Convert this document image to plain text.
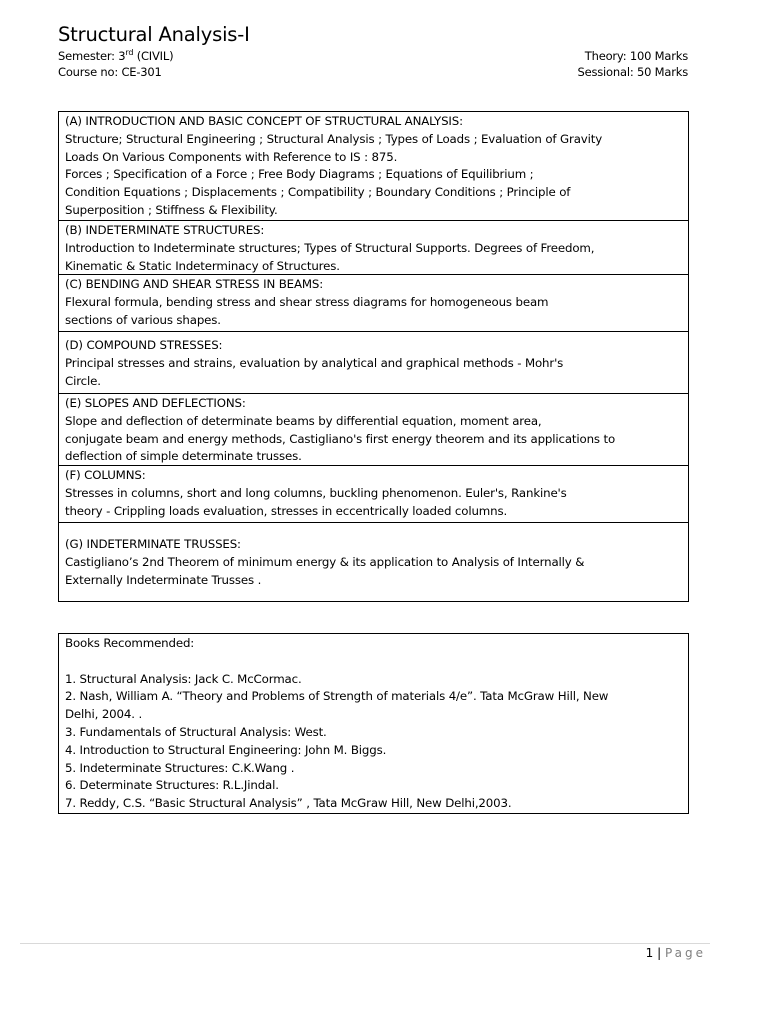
Structural Analysis-I
Semester: 3rd (CIVIL)
Course no: CE-301
Theory: 100 Marks
Sessional: 50 Marks
(A) INTRODUCTION AND BASIC CONCEPT OF STRUCTURAL ANALYSIS:
Structure; Structural Engineering ; Structural Analysis ; Types of Loads ; Evaluation of Gravity
Loads On Various Components with Reference to IS : 875.
Forces ; Specification of a Force ; Free Body Diagrams ; Equations of Equilibrium ;
Condition Equations ; Displacements ; Compatibility ; Boundary Conditions ; Principle of
Superposition ; Stiffness & Flexibility.
(B) INDETERMINATE STRUCTURES:
Introduction to Indeterminate structures; Types of Structural Supports. Degrees of Freedom,
Kinematic & Static Indeterminacy of Structures.
(C) BENDING AND SHEAR STRESS IN BEAMS:
Flexural formula, bending stress and shear stress diagrams for homogeneous beam
sections of various shapes.
(D) COMPOUND STRESSES:
Principal stresses and strains, evaluation by analytical and graphical methods - Mohr's
Circle.
(E) SLOPES AND DEFLECTIONS:
Slope and deflection of determinate beams by differential equation, moment area,
conjugate beam and energy methods, Castigliano's first energy theorem and its applications to
deflection of simple determinate trusses.
(F) COLUMNS:
Stresses in columns, short and long columns, buckling phenomenon. Euler's, Rankine's
theory - Crippling loads evaluation, stresses in eccentrically loaded columns.
(G) INDETERMINATE TRUSSES:
Castigliano’s 2nd Theorem of minimum energy & its application to Analysis of Internally &
Externally Indeterminate Trusses .
Books Recommended:
1. Structural Analysis: Jack C. McCormac.
2. Nash, William A. “Theory and Problems of Strength of materials 4/e”. Tata McGraw Hill, New
Delhi, 2004. .
3. Fundamentals of Structural Analysis: West.
4. Introduction to Structural Engineering: John M. Biggs.
5. Indeterminate Structures: C.K.Wang .
6. Determinate Structures: R.L.Jindal.
7. Reddy, C.S. “Basic Structural Analysis” , Tata McGraw Hill, New Delhi,2003.
1 | Page
